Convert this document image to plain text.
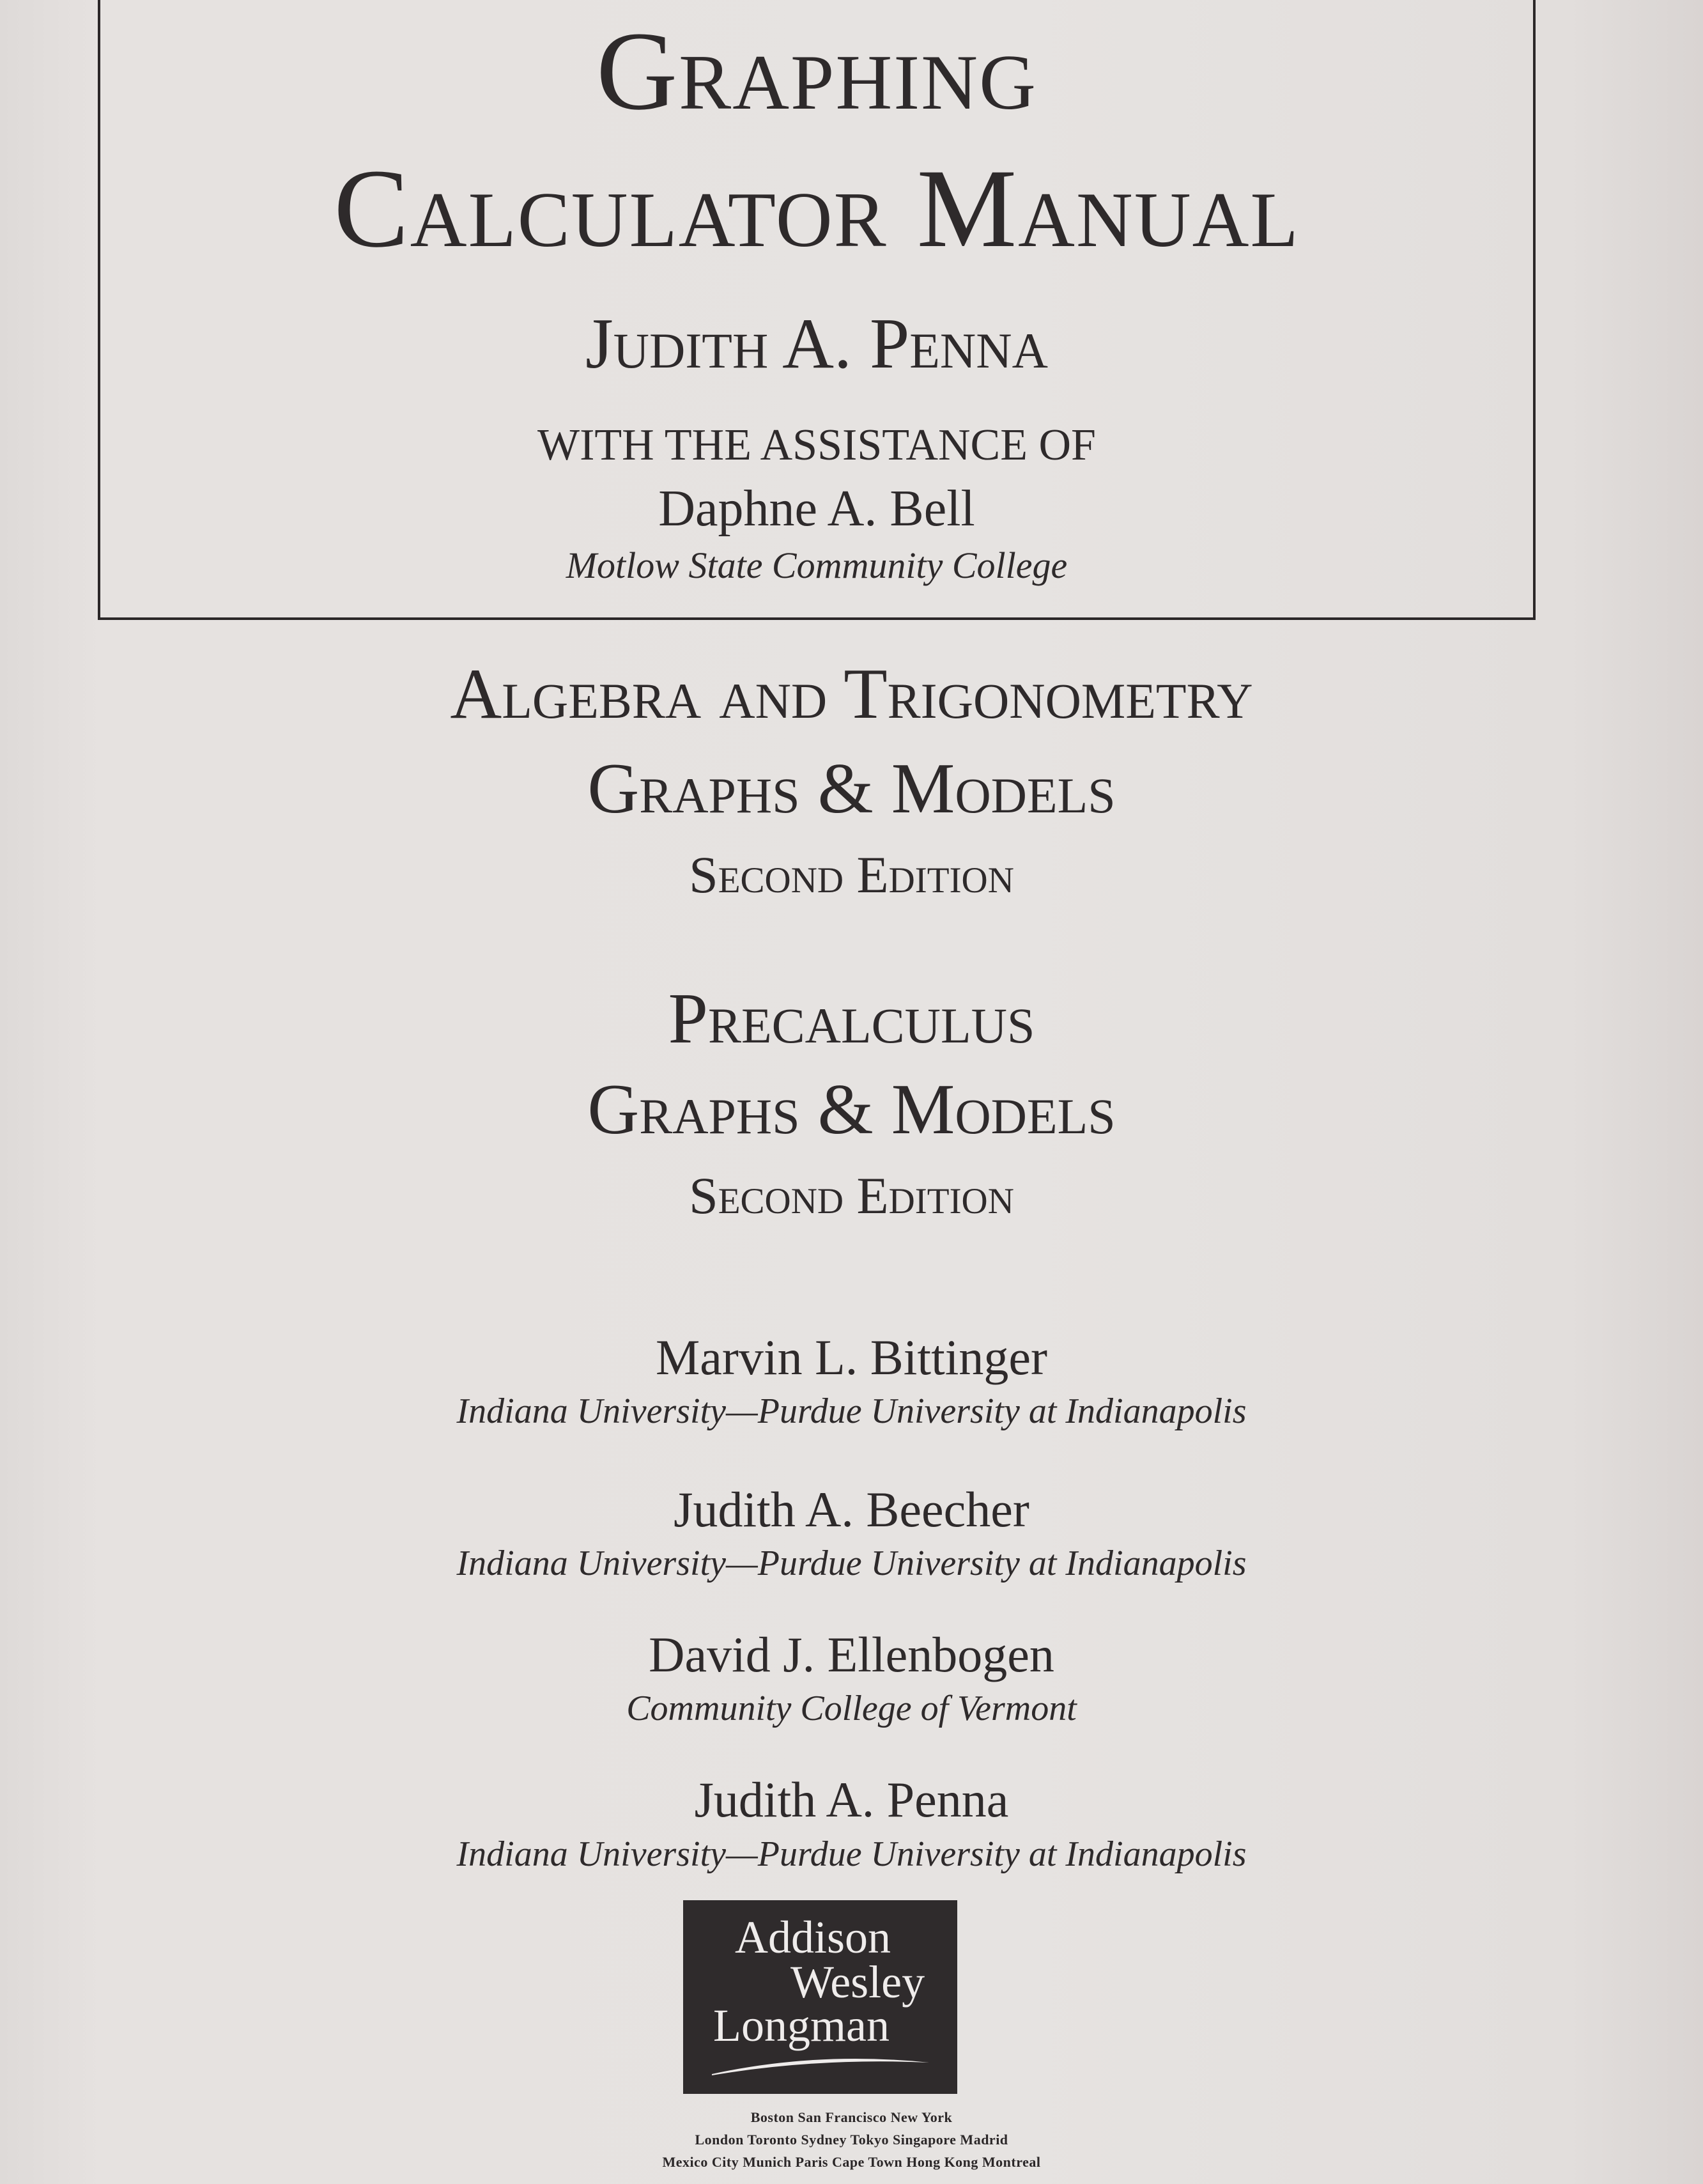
Graphing
Calculator Manual
Judith A. Penna
WITH THE ASSISTANCE OF
Daphne A. Bell
Motlow State Community College
Algebra and Trigonometry
Graphs & Models
Second Edition
Precalculus
Graphs & Models
Second Edition
Marvin L. Bittinger
Indiana University—Purdue University at Indianapolis
Judith A. Beecher
Indiana University—Purdue University at Indianapolis
David J. Ellenbogen
Community College of Vermont
Judith A. Penna
Indiana University—Purdue University at Indianapolis
Addison
Wesley
Longman
Boston San Francisco New York
London Toronto Sydney Tokyo Singapore Madrid
Mexico City Munich Paris Cape Town Hong Kong Montreal
